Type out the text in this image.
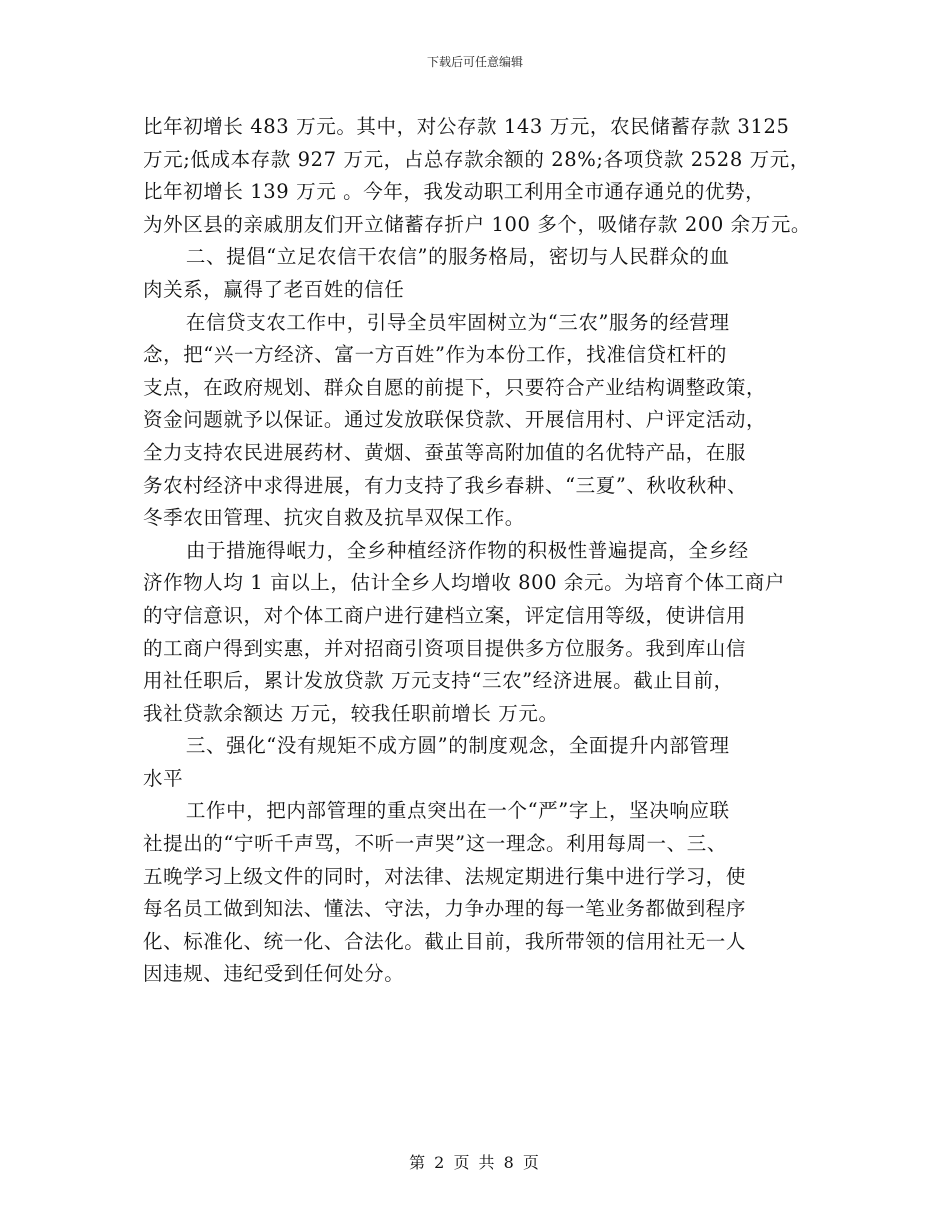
下载后可任意编辑

比年初增长 483 万元。其中，对公存款 143 万元，农民储蓄存款 3125
万元;低成本存款 927 万元，占总存款余额的 28%;各项贷款 2528 万元，
比年初增长 139 万元 。今年，我发动职工利用全市通存通兑的优势，
为外区县的亲戚朋友们开立储蓄存折户 100 多个，吸储存款 200 余万元。

二、提倡“立足农信干农信”的服务格局，密切与人民群众的血
肉关系，赢得了老百姓的信任

在信贷支农工作中，引导全员牢固树立为“三农”服务的经营理
念，把“兴一方经济、富一方百姓”作为本份工作，找准信贷杠杆的
支点，在政府规划、群众自愿的前提下，只要符合产业结构调整政策，
资金问题就予以保证。通过发放联保贷款、开展信用村、户评定活动，
全力支持农民进展药材、黄烟、蚕茧等高附加值的名优特产品，在服
务农村经济中求得进展，有力支持了我乡春耕、“三夏”、秋收秋种、
冬季农田管理、抗灾自救及抗旱双保工作。

由于措施得岷力，全乡种植经济作物的积极性普遍提高，全乡经
济作物人均 1 亩以上，估计全乡人均增收 800 余元。为培育个体工商户
的守信意识，对个体工商户进行建档立案，评定信用等级，使讲信用
的工商户得到实惠，并对招商引资项目提供多方位服务。我到库山信
用社任职后，累计发放贷款 万元支持“三农”经济进展。截止目前，
我社贷款余额达 万元，较我任职前增长 万元。

三、强化“没有规矩不成方圆”的制度观念，全面提升内部管理
水平

工作中，把内部管理的重点突出在一个“严”字上，坚决响应联
社提出的“宁听千声骂，不听一声哭”这一理念。利用每周一、三、
五晚学习上级文件的同时，对法律、法规定期进行集中进行学习，使
每名员工做到知法、懂法、守法，力争办理的每一笔业务都做到程序
化、标准化、统一化、合法化。截止目前，我所带领的信用社无一人
因违规、违纪受到任何处分。

第 2 页 共 8 页
